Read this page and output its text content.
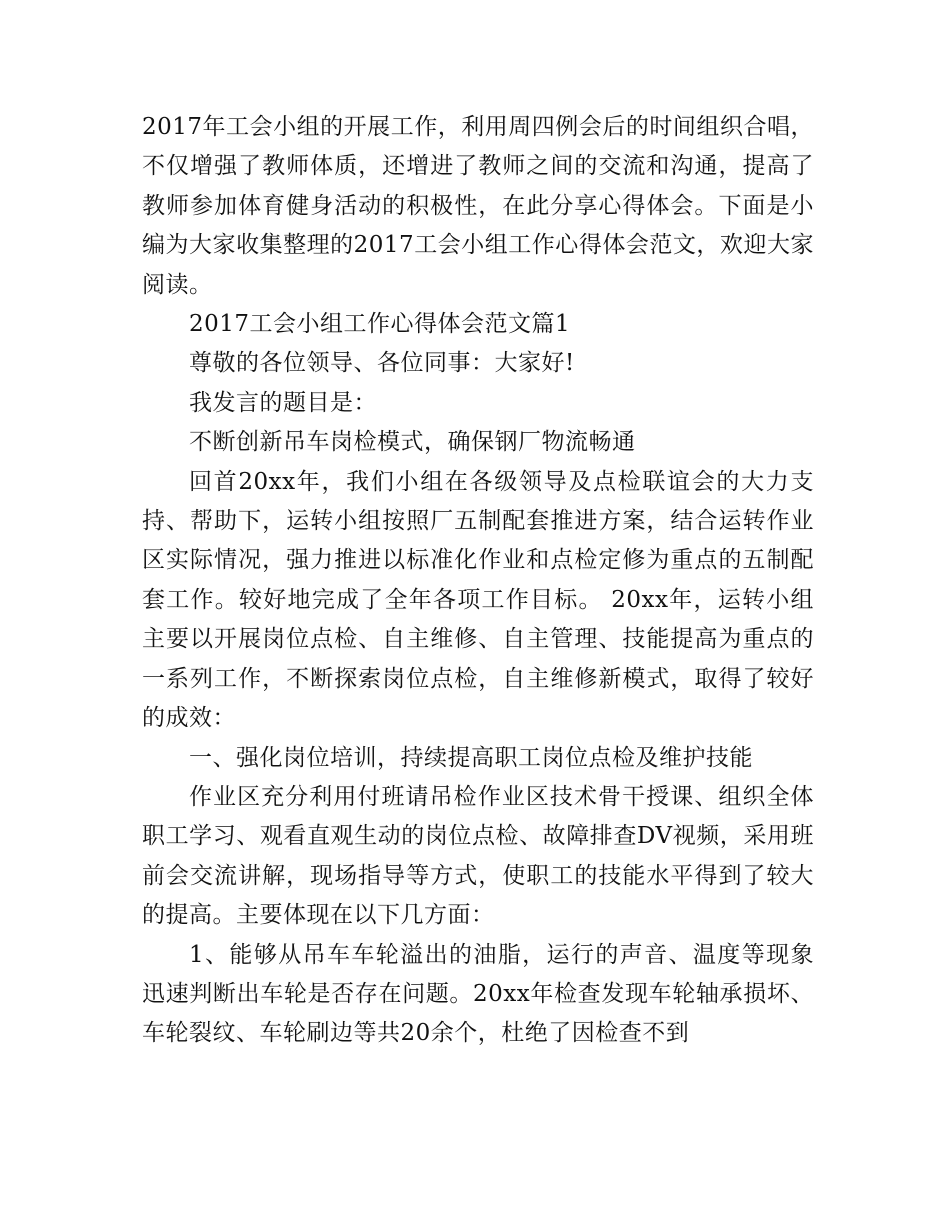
2017年工会小组的开展工作，利用周四例会后的时间组织合唱，不仅增强了教师体质，还增进了教师之间的交流和沟通，提高了教师参加体育健身活动的积极性，在此分享心得体会。下面是小编为大家收集整理的2017工会小组工作心得体会范文，欢迎大家阅读。

2017工会小组工作心得体会范文篇1

尊敬的各位领导、各位同事：大家好!

我发言的题目是：

不断创新吊车岗检模式，确保钢厂物流畅通

回首20xx年，我们小组在各级领导及点检联谊会的大力支持、帮助下，运转小组按照厂五制配套推进方案，结合运转作业区实际情况，强力推进以标准化作业和点检定修为重点的五制配套工作。较好地完成了全年各项工作目标。 20xx年，运转小组主要以开展岗位点检、自主维修、自主管理、技能提高为重点的一系列工作，不断探索岗位点检，自主维修新模式，取得了较好的成效：

一、强化岗位培训，持续提高职工岗位点检及维护技能

作业区充分利用付班请吊检作业区技术骨干授课、组织全体职工学习、观看直观生动的岗位点检、故障排查DV视频，采用班前会交流讲解，现场指导等方式，使职工的技能水平得到了较大的提高。主要体现在以下几方面：

1、能够从吊车车轮溢出的油脂，运行的声音、温度等现象迅速判断出车轮是否存在问题。20xx年检查发现车轮轴承损坏、车轮裂纹、车轮刷边等共20余个，杜绝了因检查不到
